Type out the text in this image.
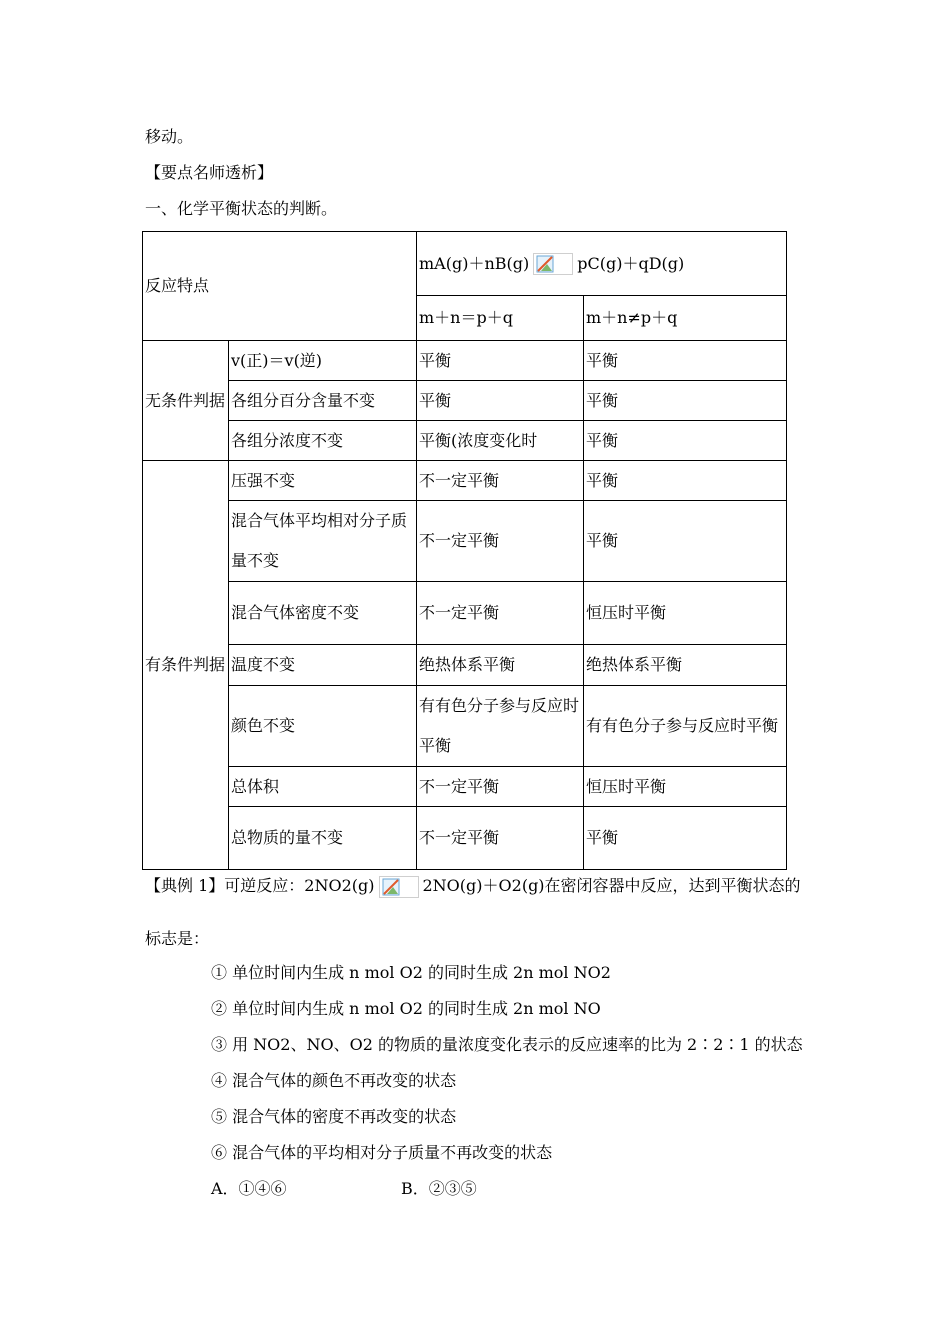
移动。
【要点名师透析】
一、化学平衡状态的判断。
反应特点		mA(g)＋nB(g) pC(g)＋qD(g)	
		m＋n＝p＋q	m＋n≠p＋q
无条件判据	v(正)＝v(逆)	平衡	平衡
	各组分百分含量不变	平衡	平衡
	各组分浓度不变	平衡(浓度变化时	平衡
有条件判据	压强不变	不一定平衡	平衡
	混合气体平均相对分子质量不变	不一定平衡	平衡
	混合气体密度不变	不一定平衡	恒压时平衡
	温度不变	绝热体系平衡	绝热体系平衡
	颜色不变	有有色分子参与反应时平衡	有有色分子参与反应时平衡
	总体积	不一定平衡	恒压时平衡
	总物质的量不变	不一定平衡	平衡
【典例 1】可逆反应：2NO2(g)	2NO(g)＋O2(g)在密闭容器中反应，达到平衡状态的
标志是：
① 单位时间内生成 n mol O2 的同时生成 2n mol NO2
② 单位时间内生成 n mol O2 的同时生成 2n mol NO
③ 用 NO2、NO、O2 的物质的量浓度变化表示的反应速率的比为 2∶2∶1 的状态
④ 混合气体的颜色不再改变的状态
⑤ 混合气体的密度不再改变的状态
⑥ 混合气体的平均相对分子质量不再改变的状态
A．①④⑥	B．②③⑤
